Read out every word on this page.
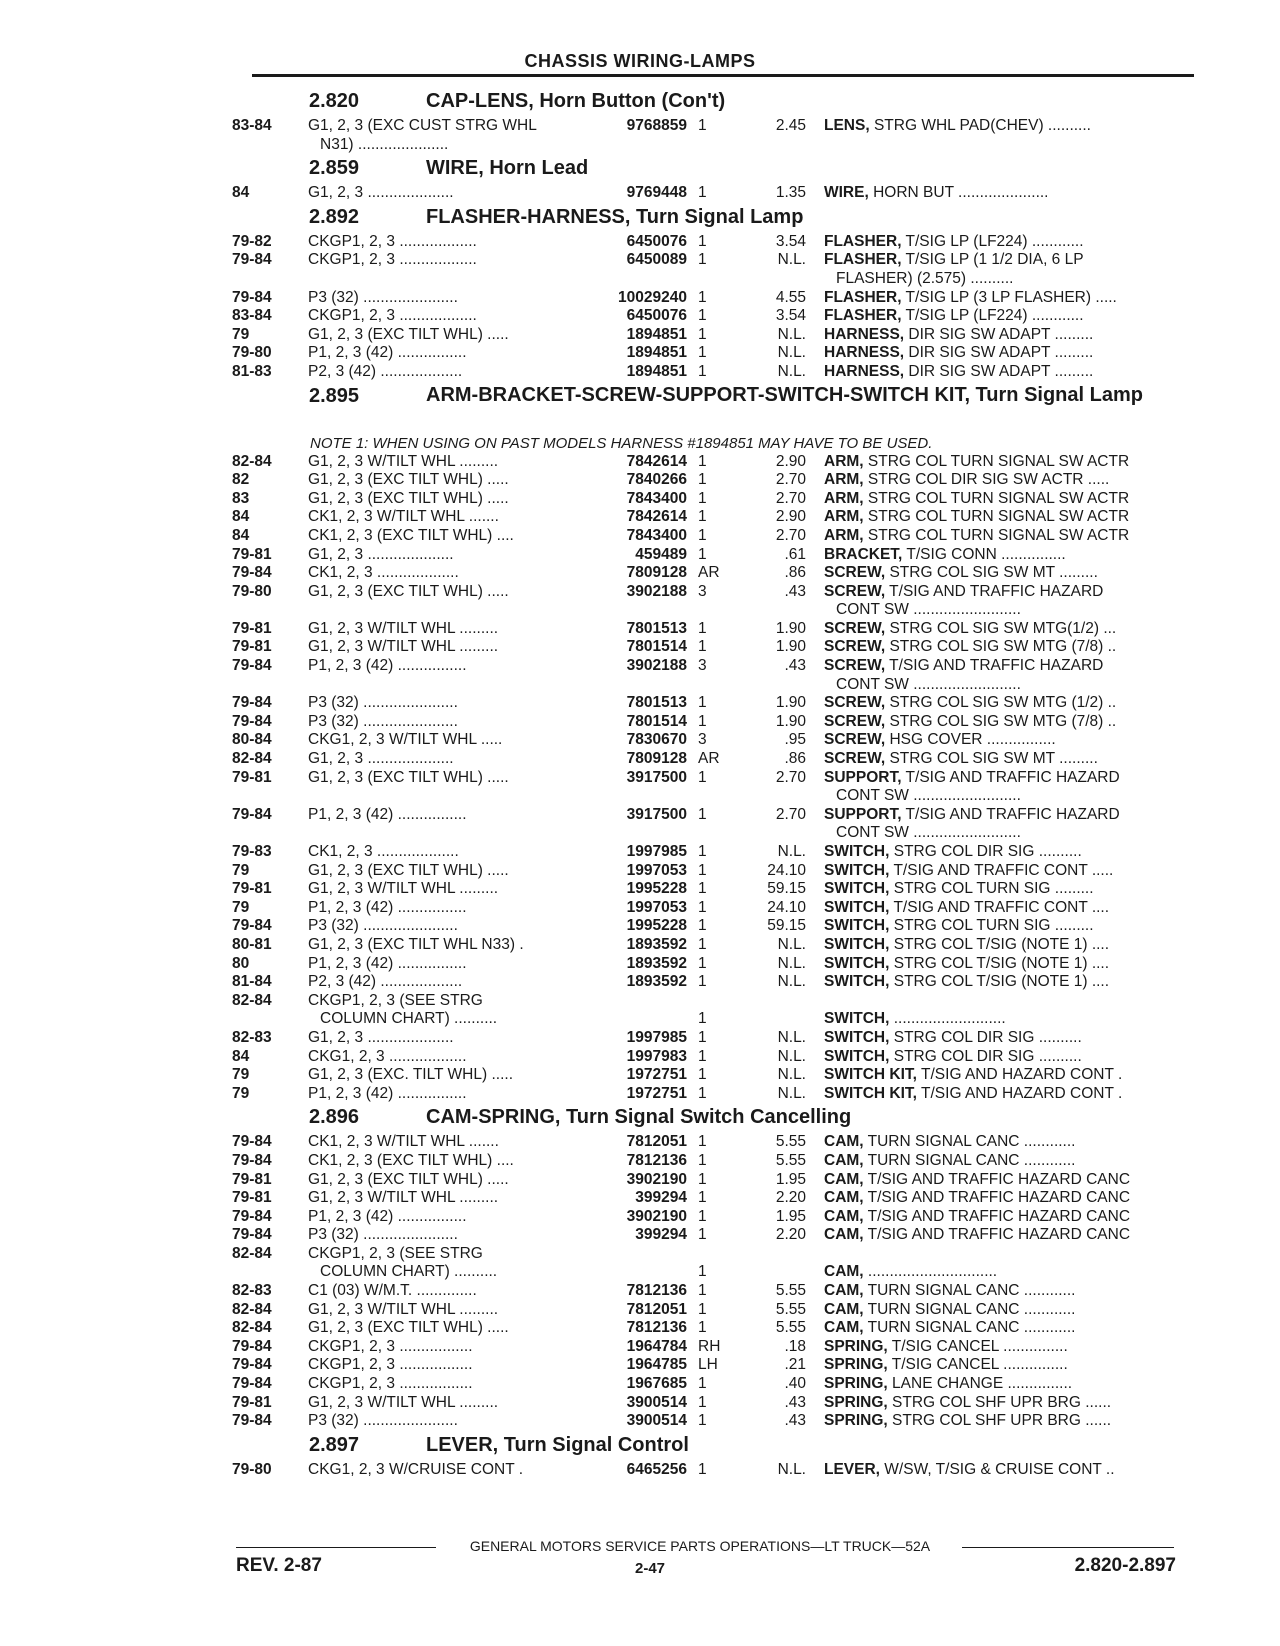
CHASSIS WIRING-LAMPS
2.820	CAP-LENS, Horn Button (Con't)
83-84 G1, 2, 3 (EXC CUST STRG WHL
N31) .....................
9768859 1	2.45 LENS, STRG WHL PAD(CHEV) ..........
2.859	WIRE, Horn Lead
84	G1, 2, 3 ....................	9769448 1	1.35 WIRE, HORN BUT .....................
2.892	FLASHER-HARNESS, Turn Signal Lamp
79-82 CKGP1, 2, 3 ..................	6450076 1	3.54 FLASHER, T/SIG LP (LF224) ............
79-84 CKGP1, 2, 3 ..................	6450089 1	N.L. FLASHER, T/SIG LP (1 1/2 DIA, 6 LP
FLASHER) (2.575) ..........
79-84 P3 (32) ......................	10029240 1	4.55 FLASHER, T/SIG LP (3 LP FLASHER) .....
83-84 CKGP1, 2, 3 ..................	6450076 1	3.54 FLASHER, T/SIG LP (LF224) ............
79	G1, 2, 3 (EXC TILT WHL) .....	1894851 1	N.L. HARNESS, DIR SIG SW ADAPT .........
79-80 P1, 2, 3 (42) ................	1894851 1	N.L. HARNESS, DIR SIG SW ADAPT .........
81-83 P2, 3 (42) ...................	1894851 1	N.L. HARNESS, DIR SIG SW ADAPT .........
2.895	ARM-BRACKET-SCREW-SUPPORT-SWITCH-SWITCH KIT, Turn Signal Lamp
NOTE 1: WHEN USING ON PAST MODELS HARNESS #1894851 MAY HAVE TO BE USED.
82-84 G1, 2, 3 W/TILT WHL .........	7842614 1	2.90 ARM, STRG COL TURN SIGNAL SW ACTR
82	G1, 2, 3 (EXC TILT WHL) .....	7840266 1	2.70 ARM, STRG COL DIR SIG SW ACTR .....
83	G1, 2, 3 (EXC TILT WHL) .....	7843400 1	2.70 ARM, STRG COL TURN SIGNAL SW ACTR
84	CK1, 2, 3 W/TILT WHL .......	7842614 1	2.90 ARM, STRG COL TURN SIGNAL SW ACTR
84	CK1, 2, 3 (EXC TILT WHL) ....	7843400 1	2.70 ARM, STRG COL TURN SIGNAL SW ACTR
79-81 G1, 2, 3 ....................	459489 1	.61 BRACKET, T/SIG CONN ...............
79-84 CK1, 2, 3 ...................	7809128 AR	.86 SCREW, STRG COL SIG SW MT .........
79-80 G1, 2, 3 (EXC TILT WHL) .....	3902188 3	.43 SCREW, T/SIG AND TRAFFIC HAZARD
CONT SW .........................
79-81 G1, 2, 3 W/TILT WHL .........	7801513 1	1.90 SCREW, STRG COL SIG SW MTG(1/2) ...
79-81 G1, 2, 3 W/TILT WHL .........	7801514 1	1.90 SCREW, STRG COL SIG SW MTG (7/8) ..
79-84 P1, 2, 3 (42) ................	3902188 3	.43 SCREW, T/SIG AND TRAFFIC HAZARD
CONT SW .........................
79-84 P3 (32) ......................	7801513 1	1.90 SCREW, STRG COL SIG SW MTG (1/2) ..
79-84 P3 (32) ......................	7801514 1	1.90 SCREW, STRG COL SIG SW MTG (7/8) ..
80-84 CKG1, 2, 3 W/TILT WHL .....	7830670 3	.95 SCREW, HSG COVER ................
82-84 G1, 2, 3 ....................	7809128 AR	.86 SCREW, STRG COL SIG SW MT .........
79-81 G1, 2, 3 (EXC TILT WHL) .....	3917500 1	2.70 SUPPORT, T/SIG AND TRAFFIC HAZARD
CONT SW .........................
79-84 P1, 2, 3 (42) ................	3917500 1	2.70 SUPPORT, T/SIG AND TRAFFIC HAZARD
CONT SW .........................
79-83 CK1, 2, 3 ...................	1997985 1	N.L. SWITCH, STRG COL DIR SIG ..........
79	G1, 2, 3 (EXC TILT WHL) .....	1997053 1	24.10 SWITCH, T/SIG AND TRAFFIC CONT .....
79-81 G1, 2, 3 W/TILT WHL .........	1995228 1	59.15 SWITCH, STRG COL TURN SIG .........
79	P1, 2, 3 (42) ................	1997053 1	24.10 SWITCH, T/SIG AND TRAFFIC CONT ....
79-84 P3 (32) ......................	1995228 1	59.15 SWITCH, STRG COL TURN SIG .........
80-81 G1, 2, 3 (EXC TILT WHL N33) .	1893592 1	N.L. SWITCH, STRG COL T/SIG (NOTE 1) ....
80	P1, 2, 3 (42) ................	1893592 1	N.L. SWITCH, STRG COL T/SIG (NOTE 1) ....
81-84 P2, 3 (42) ...................	1893592 1	N.L. SWITCH, STRG COL T/SIG (NOTE 1) ....
82-84 CKGP1, 2, 3 (SEE STRG
COLUMN CHART) ..........	1	SWITCH, ..........................
82-83 G1, 2, 3 ....................	1997985 1	N.L. SWITCH, STRG COL DIR SIG ..........
84	CKG1, 2, 3 ..................	1997983 1	N.L. SWITCH, STRG COL DIR SIG ..........
79	G1, 2, 3 (EXC. TILT WHL) .....	1972751 1	N.L. SWITCH KIT, T/SIG AND HAZARD CONT .
79	P1, 2, 3 (42) ................	1972751 1	N.L. SWITCH KIT, T/SIG AND HAZARD CONT .
2.896	CAM-SPRING, Turn Signal Switch Cancelling
79-84 CK1, 2, 3 W/TILT WHL .......	7812051 1	5.55 CAM, TURN SIGNAL CANC ............
79-84 CK1, 2, 3 (EXC TILT WHL) ....	7812136 1	5.55 CAM, TURN SIGNAL CANC ............
79-81 G1, 2, 3 (EXC TILT WHL) .....	3902190 1	1.95 CAM, T/SIG AND TRAFFIC HAZARD CANC
79-81 G1, 2, 3 W/TILT WHL .........	399294 1	2.20 CAM, T/SIG AND TRAFFIC HAZARD CANC
79-84 P1, 2, 3 (42) ................	3902190 1	1.95 CAM, T/SIG AND TRAFFIC HAZARD CANC
79-84 P3 (32) ......................	399294 1	2.20 CAM, T/SIG AND TRAFFIC HAZARD CANC
82-84 CKGP1, 2, 3 (SEE STRG
COLUMN CHART) ..........	1	CAM, ..............................
82-83 C1 (03) W/M.T. ..............	7812136 1	5.55 CAM, TURN SIGNAL CANC ............
82-84 G1, 2, 3 W/TILT WHL .........	7812051 1	5.55 CAM, TURN SIGNAL CANC ............
82-84 G1, 2, 3 (EXC TILT WHL) .....	7812136 1	5.55 CAM, TURN SIGNAL CANC ............
79-84 CKGP1, 2, 3 .................	1964784 RH	.18 SPRING, T/SIG CANCEL ...............
79-84 CKGP1, 2, 3 .................	1964785 LH	.21 SPRING, T/SIG CANCEL ...............
79-84 CKGP1, 2, 3 .................	1967685 1	.40 SPRING, LANE CHANGE ...............
79-81 G1, 2, 3 W/TILT WHL .........	3900514 1	.43 SPRING, STRG COL SHF UPR BRG ......
79-84 P3 (32) ......................	3900514 1	.43 SPRING, STRG COL SHF UPR BRG ......
2.897	LEVER, Turn Signal Control
79-80 CKG1, 2, 3 W/CRUISE CONT .	6465256 1	N.L. LEVER, W/SW, T/SIG & CRUISE CONT ..
GENERAL MOTORS SERVICE PARTS OPERATIONS—LT TRUCK—52A
REV. 2-87	2-47	2.820-2.897
